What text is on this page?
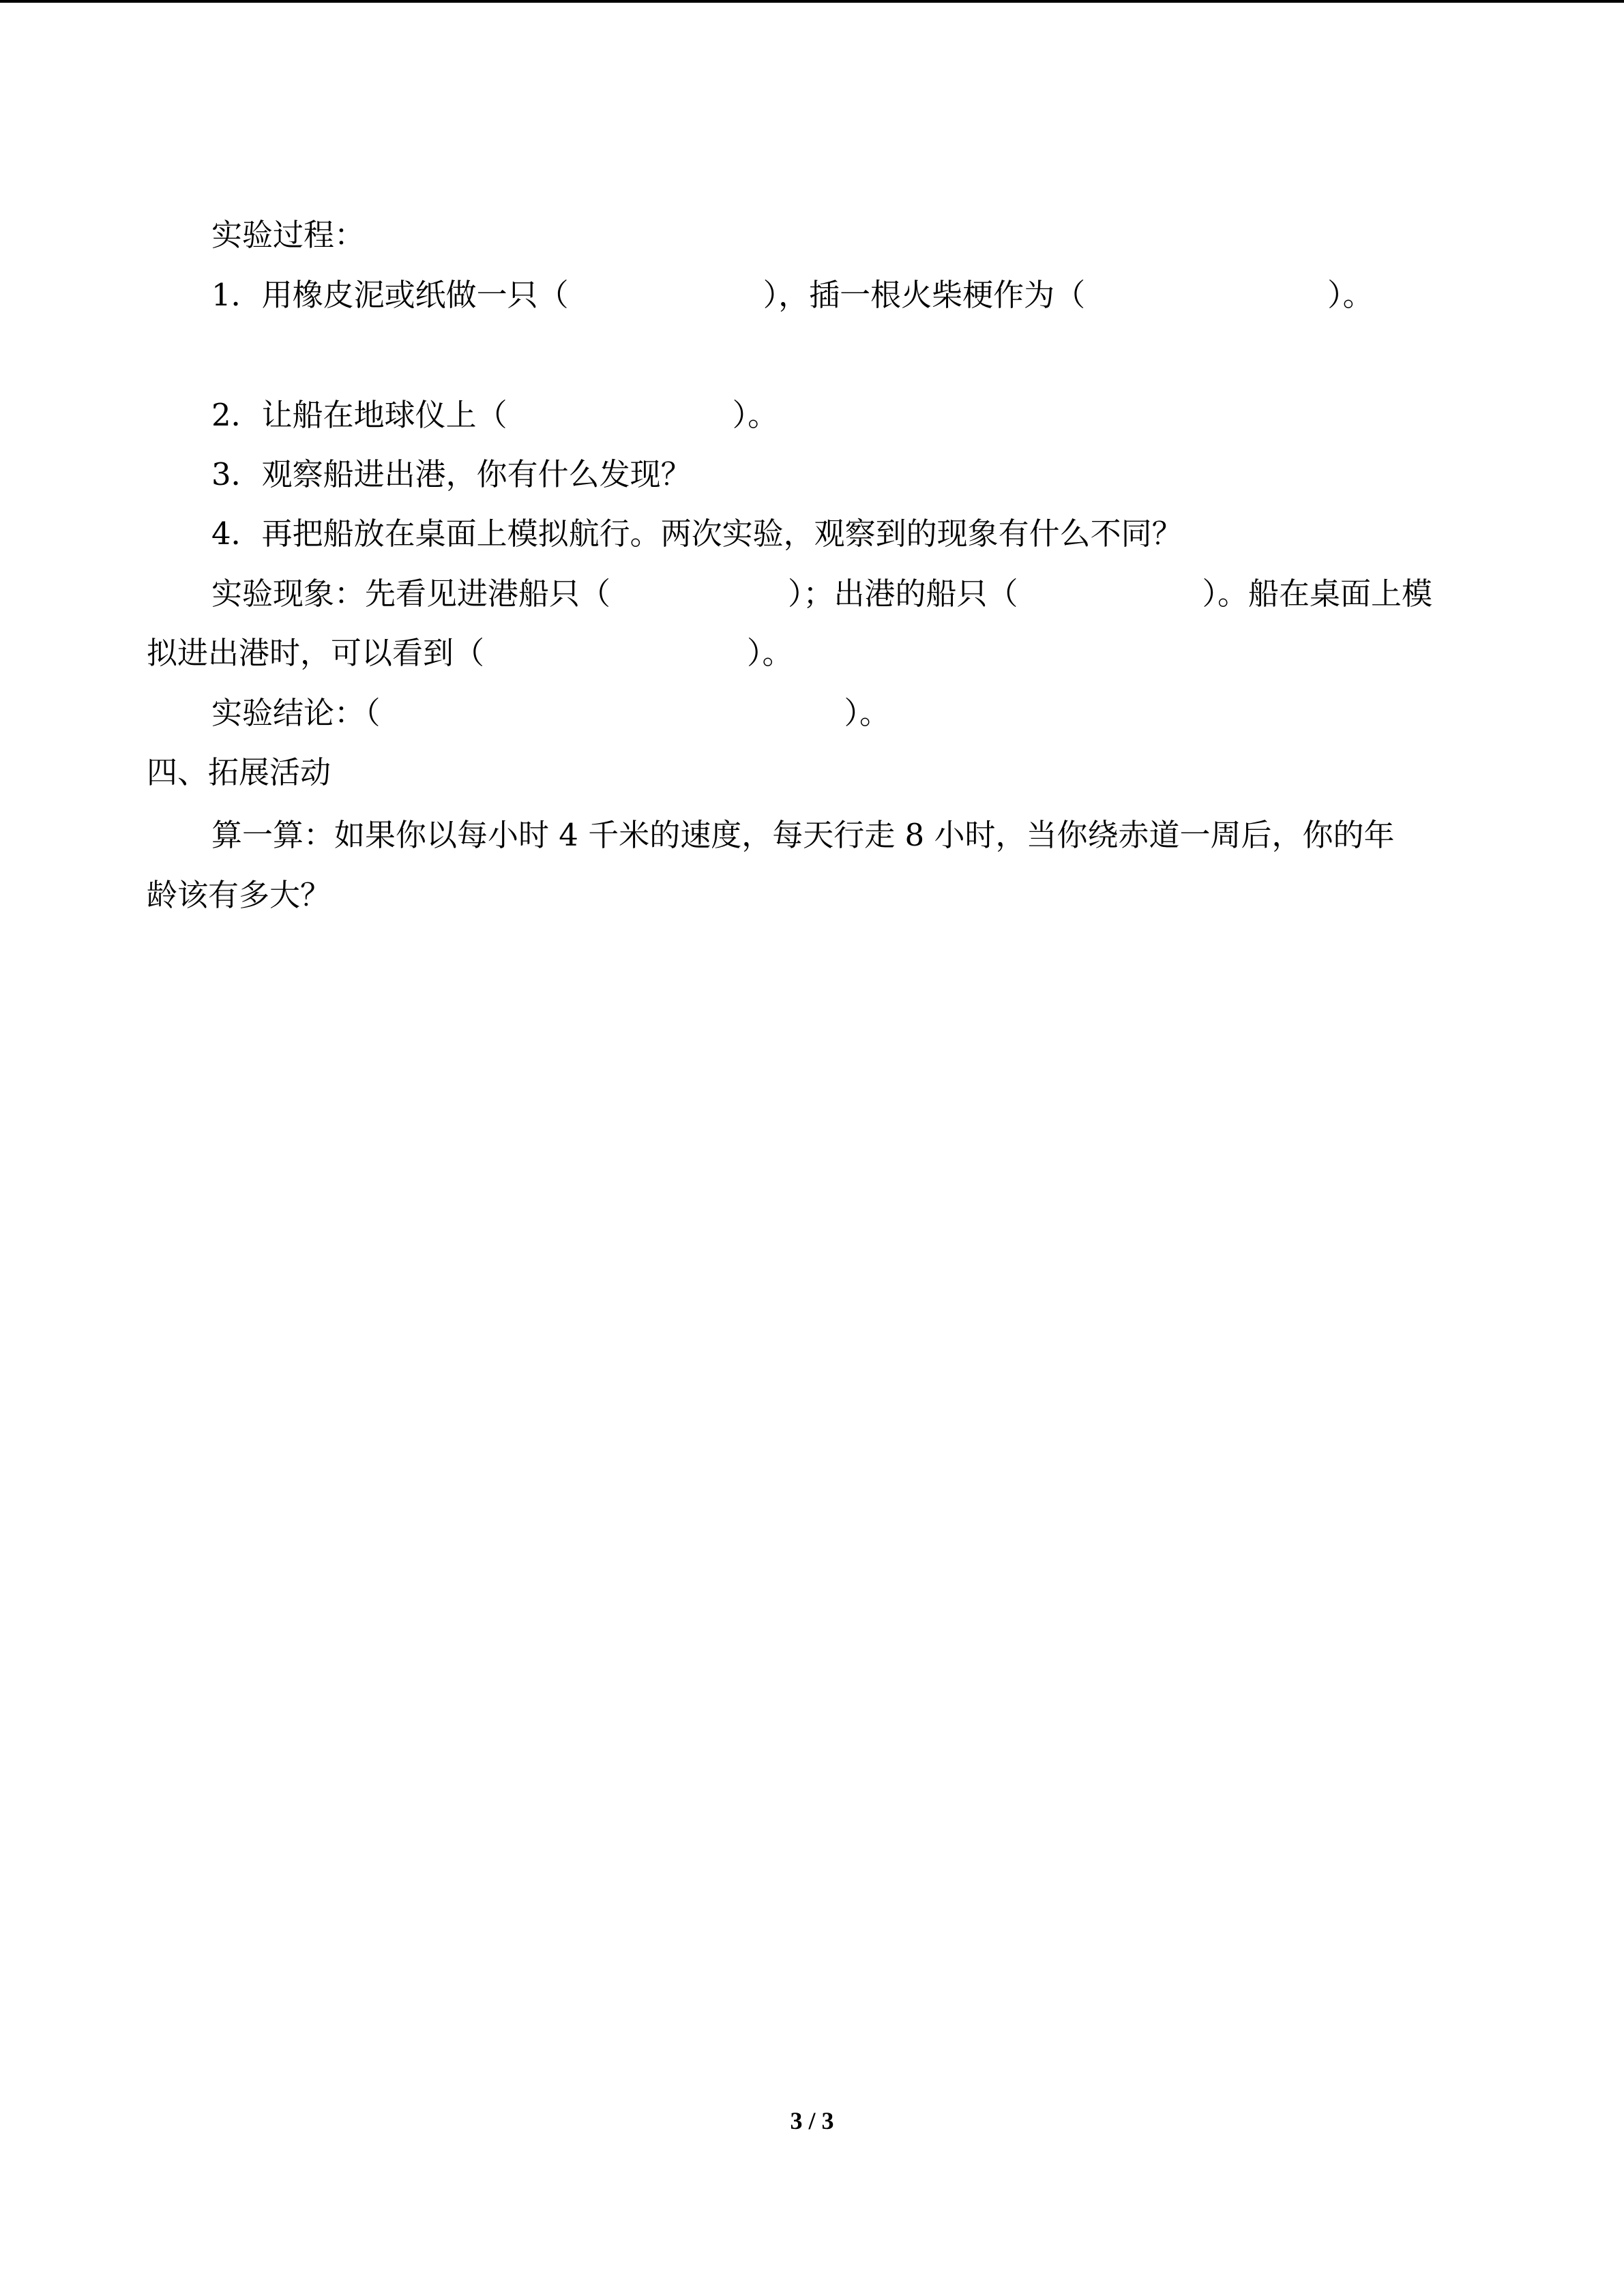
实验过程：
1．用橡皮泥或纸做一只（	），插一根火柴梗作为（	）。
2．让船在地球仪上（	）。
3．观察船进出港，你有什么发现？
4．再把船放在桌面上模拟航行。两次实验，观察到的现象有什么不同？
实验现象：先看见进港船只（	）；出港的船只（	）。船在桌面上模
拟进出港时，可以看到（	）。
实验结论：（	）。
四、拓展活动
算一算：如果你以每小时 4 千米的速度，每天行走 8 小时，当你绕赤道一周后，你的年
龄该有多大？
3 / 3
